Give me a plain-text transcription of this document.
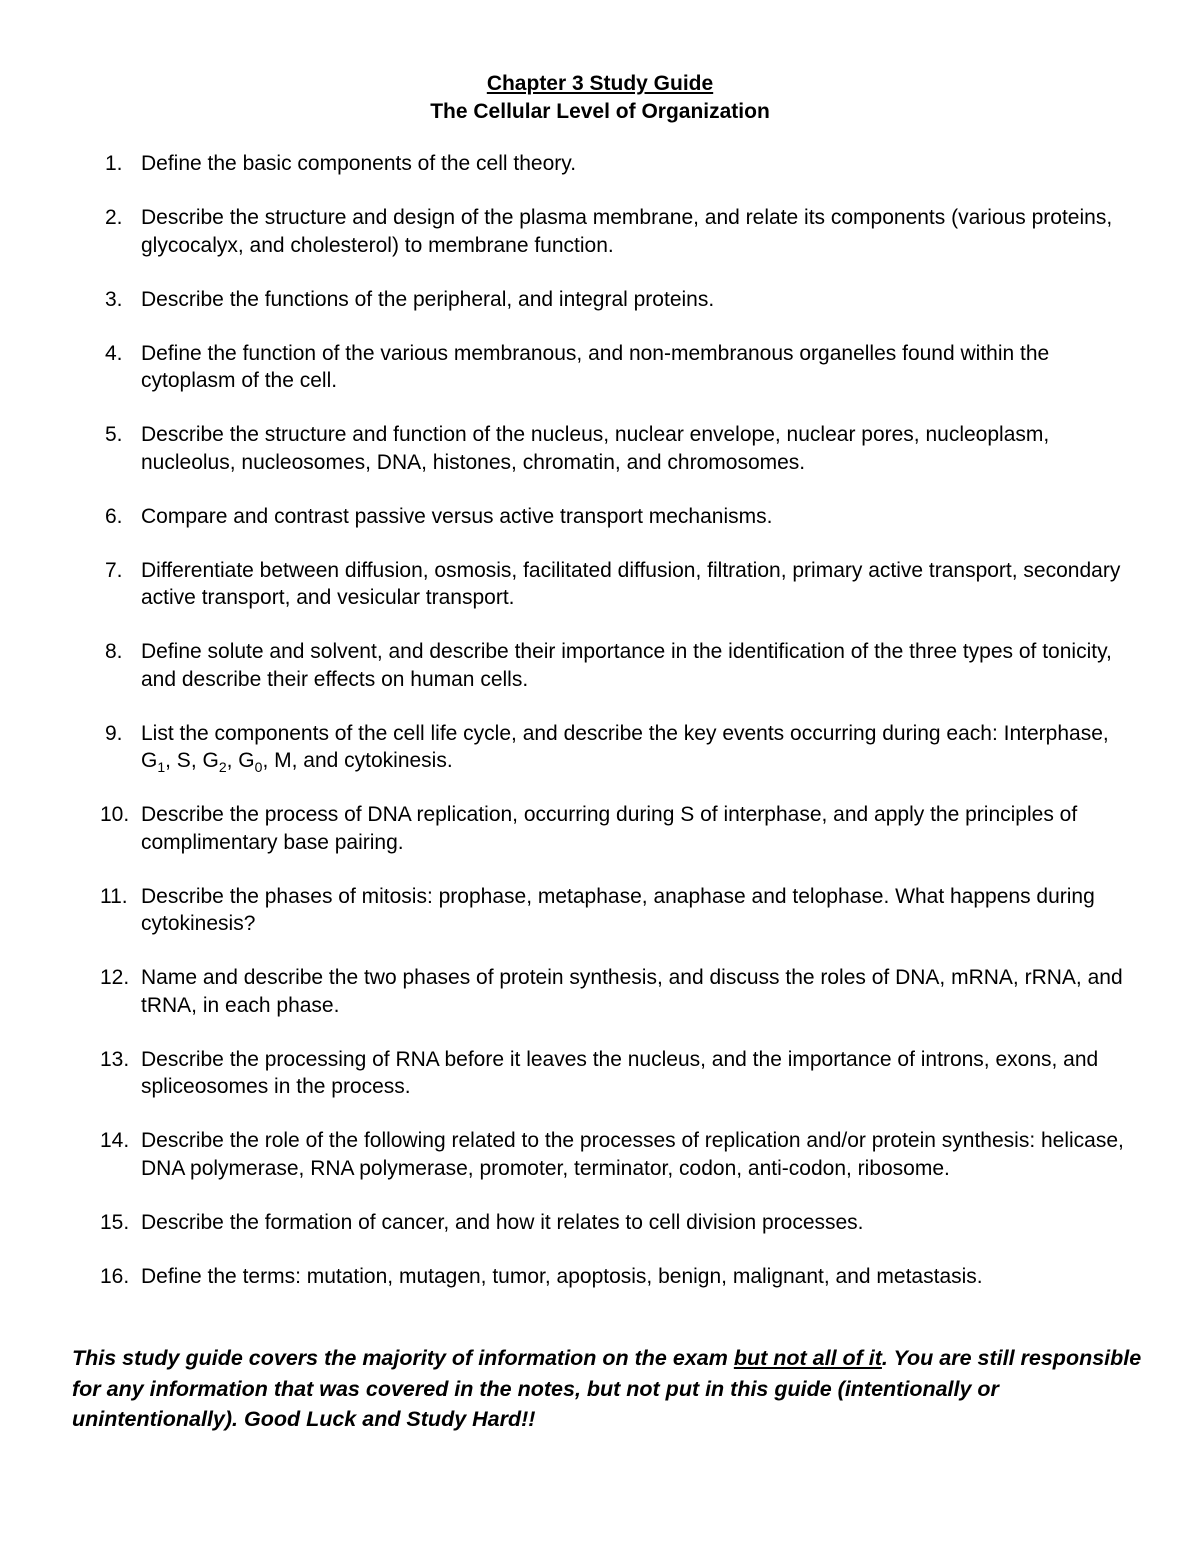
Chapter 3 Study Guide
The Cellular Level of Organization
1. Define the basic components of the cell theory.
2. Describe the structure and design of the plasma membrane, and relate its components (various proteins, glycocalyx, and cholesterol) to membrane function.
3. Describe the functions of the peripheral, and integral proteins.
4. Define the function of the various membranous, and non-membranous organelles found within the cytoplasm of the cell.
5. Describe the structure and function of the nucleus, nuclear envelope, nuclear pores, nucleoplasm, nucleolus, nucleosomes, DNA, histones, chromatin, and chromosomes.
6. Compare and contrast passive versus active transport mechanisms.
7. Differentiate between diffusion, osmosis, facilitated diffusion, filtration, primary active transport, secondary active transport, and vesicular transport.
8. Define solute and solvent, and describe their importance in the identification of the three types of tonicity, and describe their effects on human cells.
9. List the components of the cell life cycle, and describe the key events occurring during each: Interphase, $G_1$, S, $G_2$, $G_0$, M, and cytokinesis.
10. Describe the process of DNA replication, occurring during S of interphase, and apply the principles of complimentary base pairing.
11. Describe the phases of mitosis: prophase, metaphase, anaphase and telophase. What happens during cytokinesis?
12. Name and describe the two phases of protein synthesis, and discuss the roles of DNA, mRNA, rRNA, and tRNA, in each phase.
13. Describe the processing of RNA before it leaves the nucleus, and the importance of introns, exons, and spliceosomes in the process.
14. Describe the role of the following related to the processes of replication and/or protein synthesis: helicase, DNA polymerase, RNA polymerase, promoter, terminator, codon, anti-codon, ribosome.
15. Describe the formation of cancer, and how it relates to cell division processes.
16. Define the terms: mutation, mutagen, tumor, apoptosis, benign, malignant, and metastasis.
This study guide covers the majority of information on the exam but not all of it. You are still responsible for any information that was covered in the notes, but not put in this guide (intentionally or unintentionally). Good Luck and Study Hard!!
